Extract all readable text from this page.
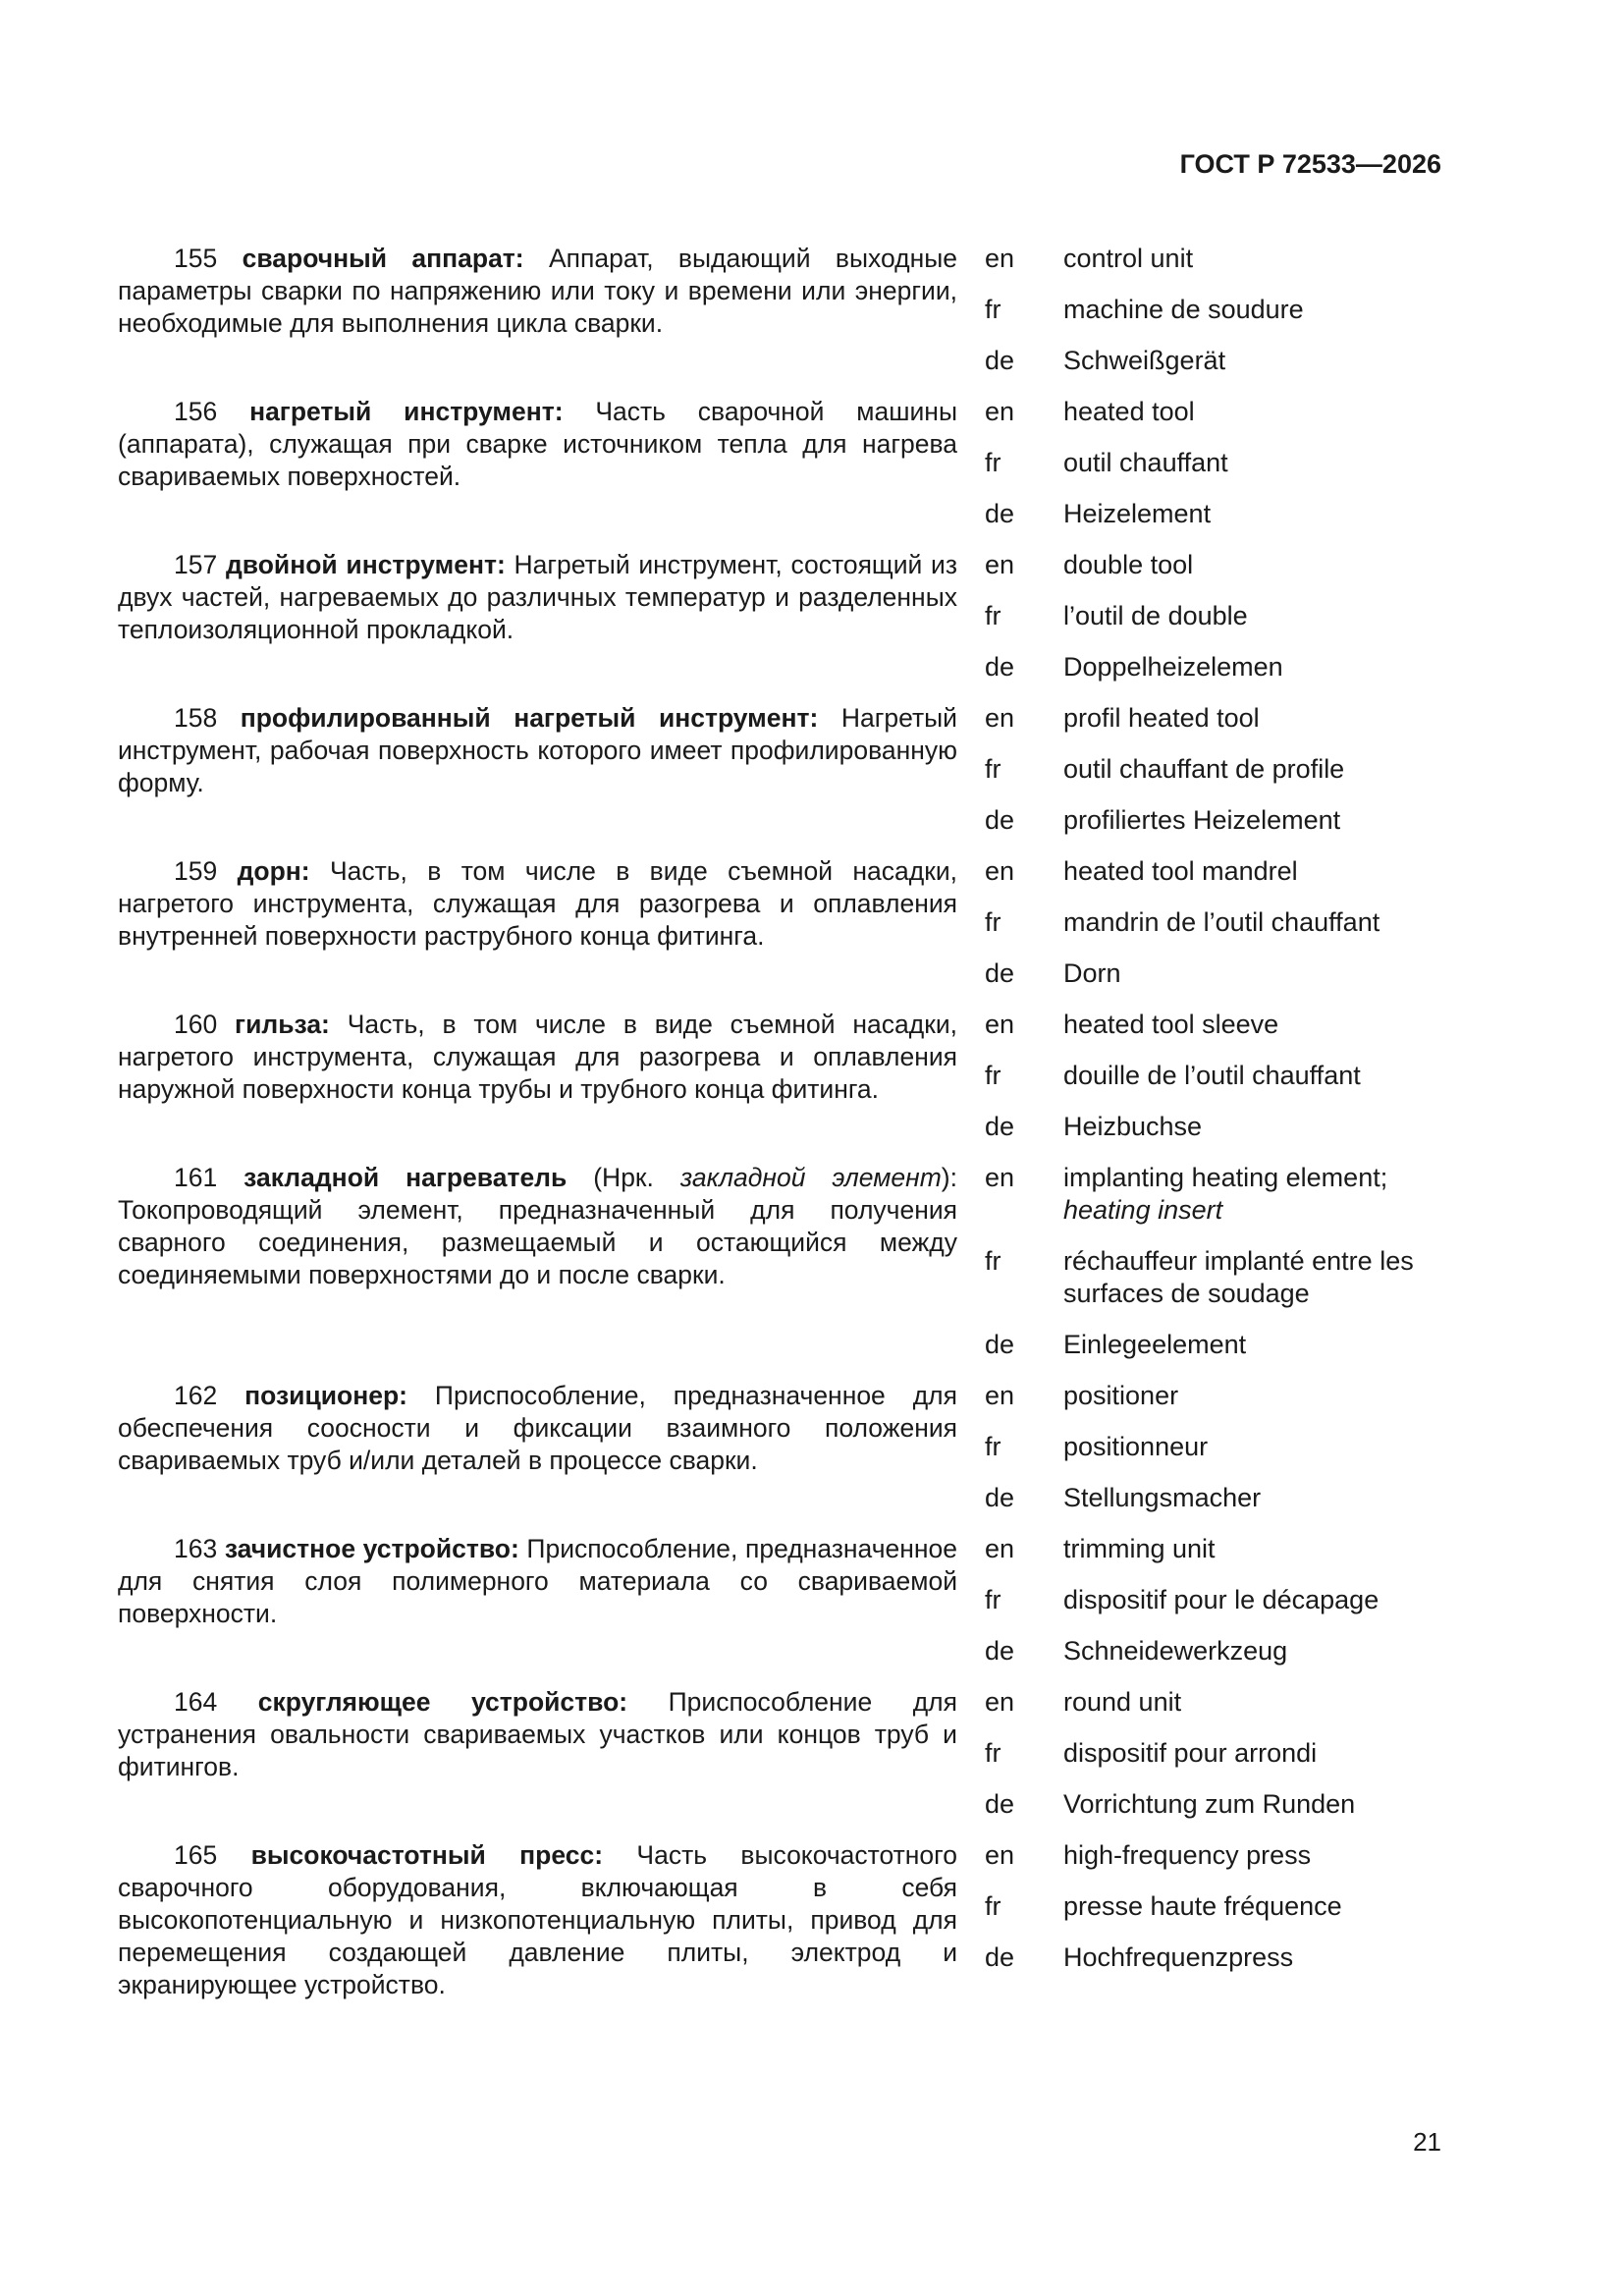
ГОСТ Р 72533—2026

155 сварочный аппарат: Аппарат, выдающий выходные параметры сварки по напряжению или току и времени или энергии, необходимые для выполнения цикла сварки.

en	control unit
fr	machine de soudure
de	Schweißgerät

156 нагретый инструмент: Часть сварочной машины (аппарата), служащая при сварке источником тепла для нагрева свариваемых поверхностей.

en	heated tool
fr	outil chauffant
de	Heizelement

157 двойной инструмент: Нагретый инструмент, состоящий из двух частей, нагреваемых до различных температур и разделенных теплоизоляционной прокладкой.

en	double tool
fr	l’outil de double
de	Doppelheizelemen

158 профилированный нагретый инструмент: Нагретый инструмент, рабочая поверхность которого имеет профилированную форму.

en	profil heated tool
fr	outil chauffant de profile
de	profiliertes Heizelement

159 дорн: Часть, в том числе в виде съемной насадки, нагретого инструмента, служащая для разогрева и оплавления внутренней поверхности раструбного конца фитинга.

en	heated tool mandrel
fr	mandrin de l’outil chauffant
de	Dorn

160 гильза: Часть, в том числе в виде съемной насадки, нагретого инструмента, служащая для разогрева и оплавления наружной поверхности конца трубы и трубного конца фитинга.

en	heated tool sleeve
fr	douille de l’outil chauffant
de	Heizbuchse

161 закладной нагреватель (Нрк. закладной элемент): Токопроводящий элемент, предназначенный для получения сварного соединения, размещаемый и остающийся между соединяемыми поверхностями до и после сварки.

en	implanting heating element;
heating insert
fr	réchauffeur implanté entre les surfaces de soudage
de	Einlegeelement

162 позиционер: Приспособление, предназначенное для обеспечения соосности и фиксации взаимного положения свариваемых труб и/или деталей в процессе сварки.

en	positioner
fr	positionneur
de	Stellungsmacher

163 зачистное устройство: Приспособление, предназначенное для снятия слоя полимерного материала со свариваемой поверхности.

en	trimming unit
fr	dispositif pour le décapage
de	Schneidewerkzeug

164 скругляющее устройство: Приспособление для устранения овальности свариваемых участков или концов труб и фитингов.

en	round unit
fr	dispositif pour arrondi
de	Vorrichtung zum Runden

165 высокочастотный пресс: Часть высокочастотного сварочного оборудования, включающая в себя высокопотенциальную и низкопотенциальную плиты, привод для перемещения создающей давление плиты, электрод и экранирующее устройство.

en	high-frequency press
fr	presse haute fréquence
de	Hochfrequenzpress
21
